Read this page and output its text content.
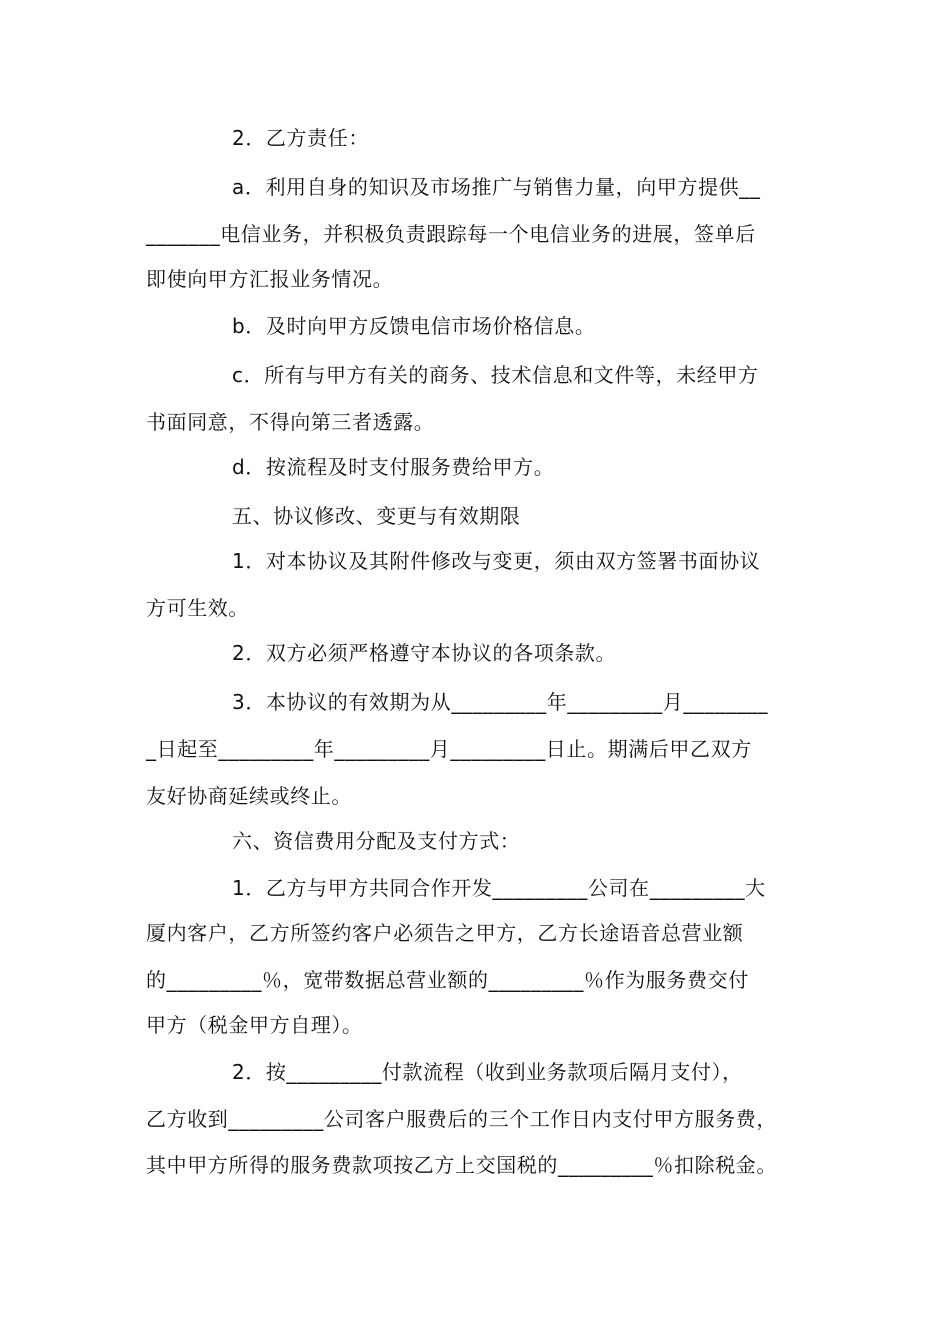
2．乙方责任：
a．利用自身的知识及市场推广与销售力量，向甲方提供__
_______电信业务，并积极负责跟踪每一个电信业务的进展，签单后
即使向甲方汇报业务情况。
b．及时向甲方反馈电信市场价格信息。
c．所有与甲方有关的商务、技术信息和文件等，未经甲方
书面同意，不得向第三者透露。
d．按流程及时支付服务费给甲方。
五、协议修改、变更与有效期限
1．对本协议及其附件修改与变更，须由双方签署书面协议
方可生效。
2．双方必须严格遵守本协议的各项条款。
3．本协议的有效期为从_________年_________月________
_日起至_________年_________月_________日止。期满后甲乙双方
友好协商延续或终止。
六、资信费用分配及支付方式：
1．乙方与甲方共同合作开发_________公司在_________大
厦内客户，乙方所签约客户必须告之甲方，乙方长途语音总营业额
的_________％，宽带数据总营业额的_________％作为服务费交付
甲方（税金甲方自理）。
2．按_________付款流程（收到业务款项后隔月支付），
乙方收到_________公司客户服费后的三个工作日内支付甲方服务费，
其中甲方所得的服务费款项按乙方上交国税的_________％扣除税金。
